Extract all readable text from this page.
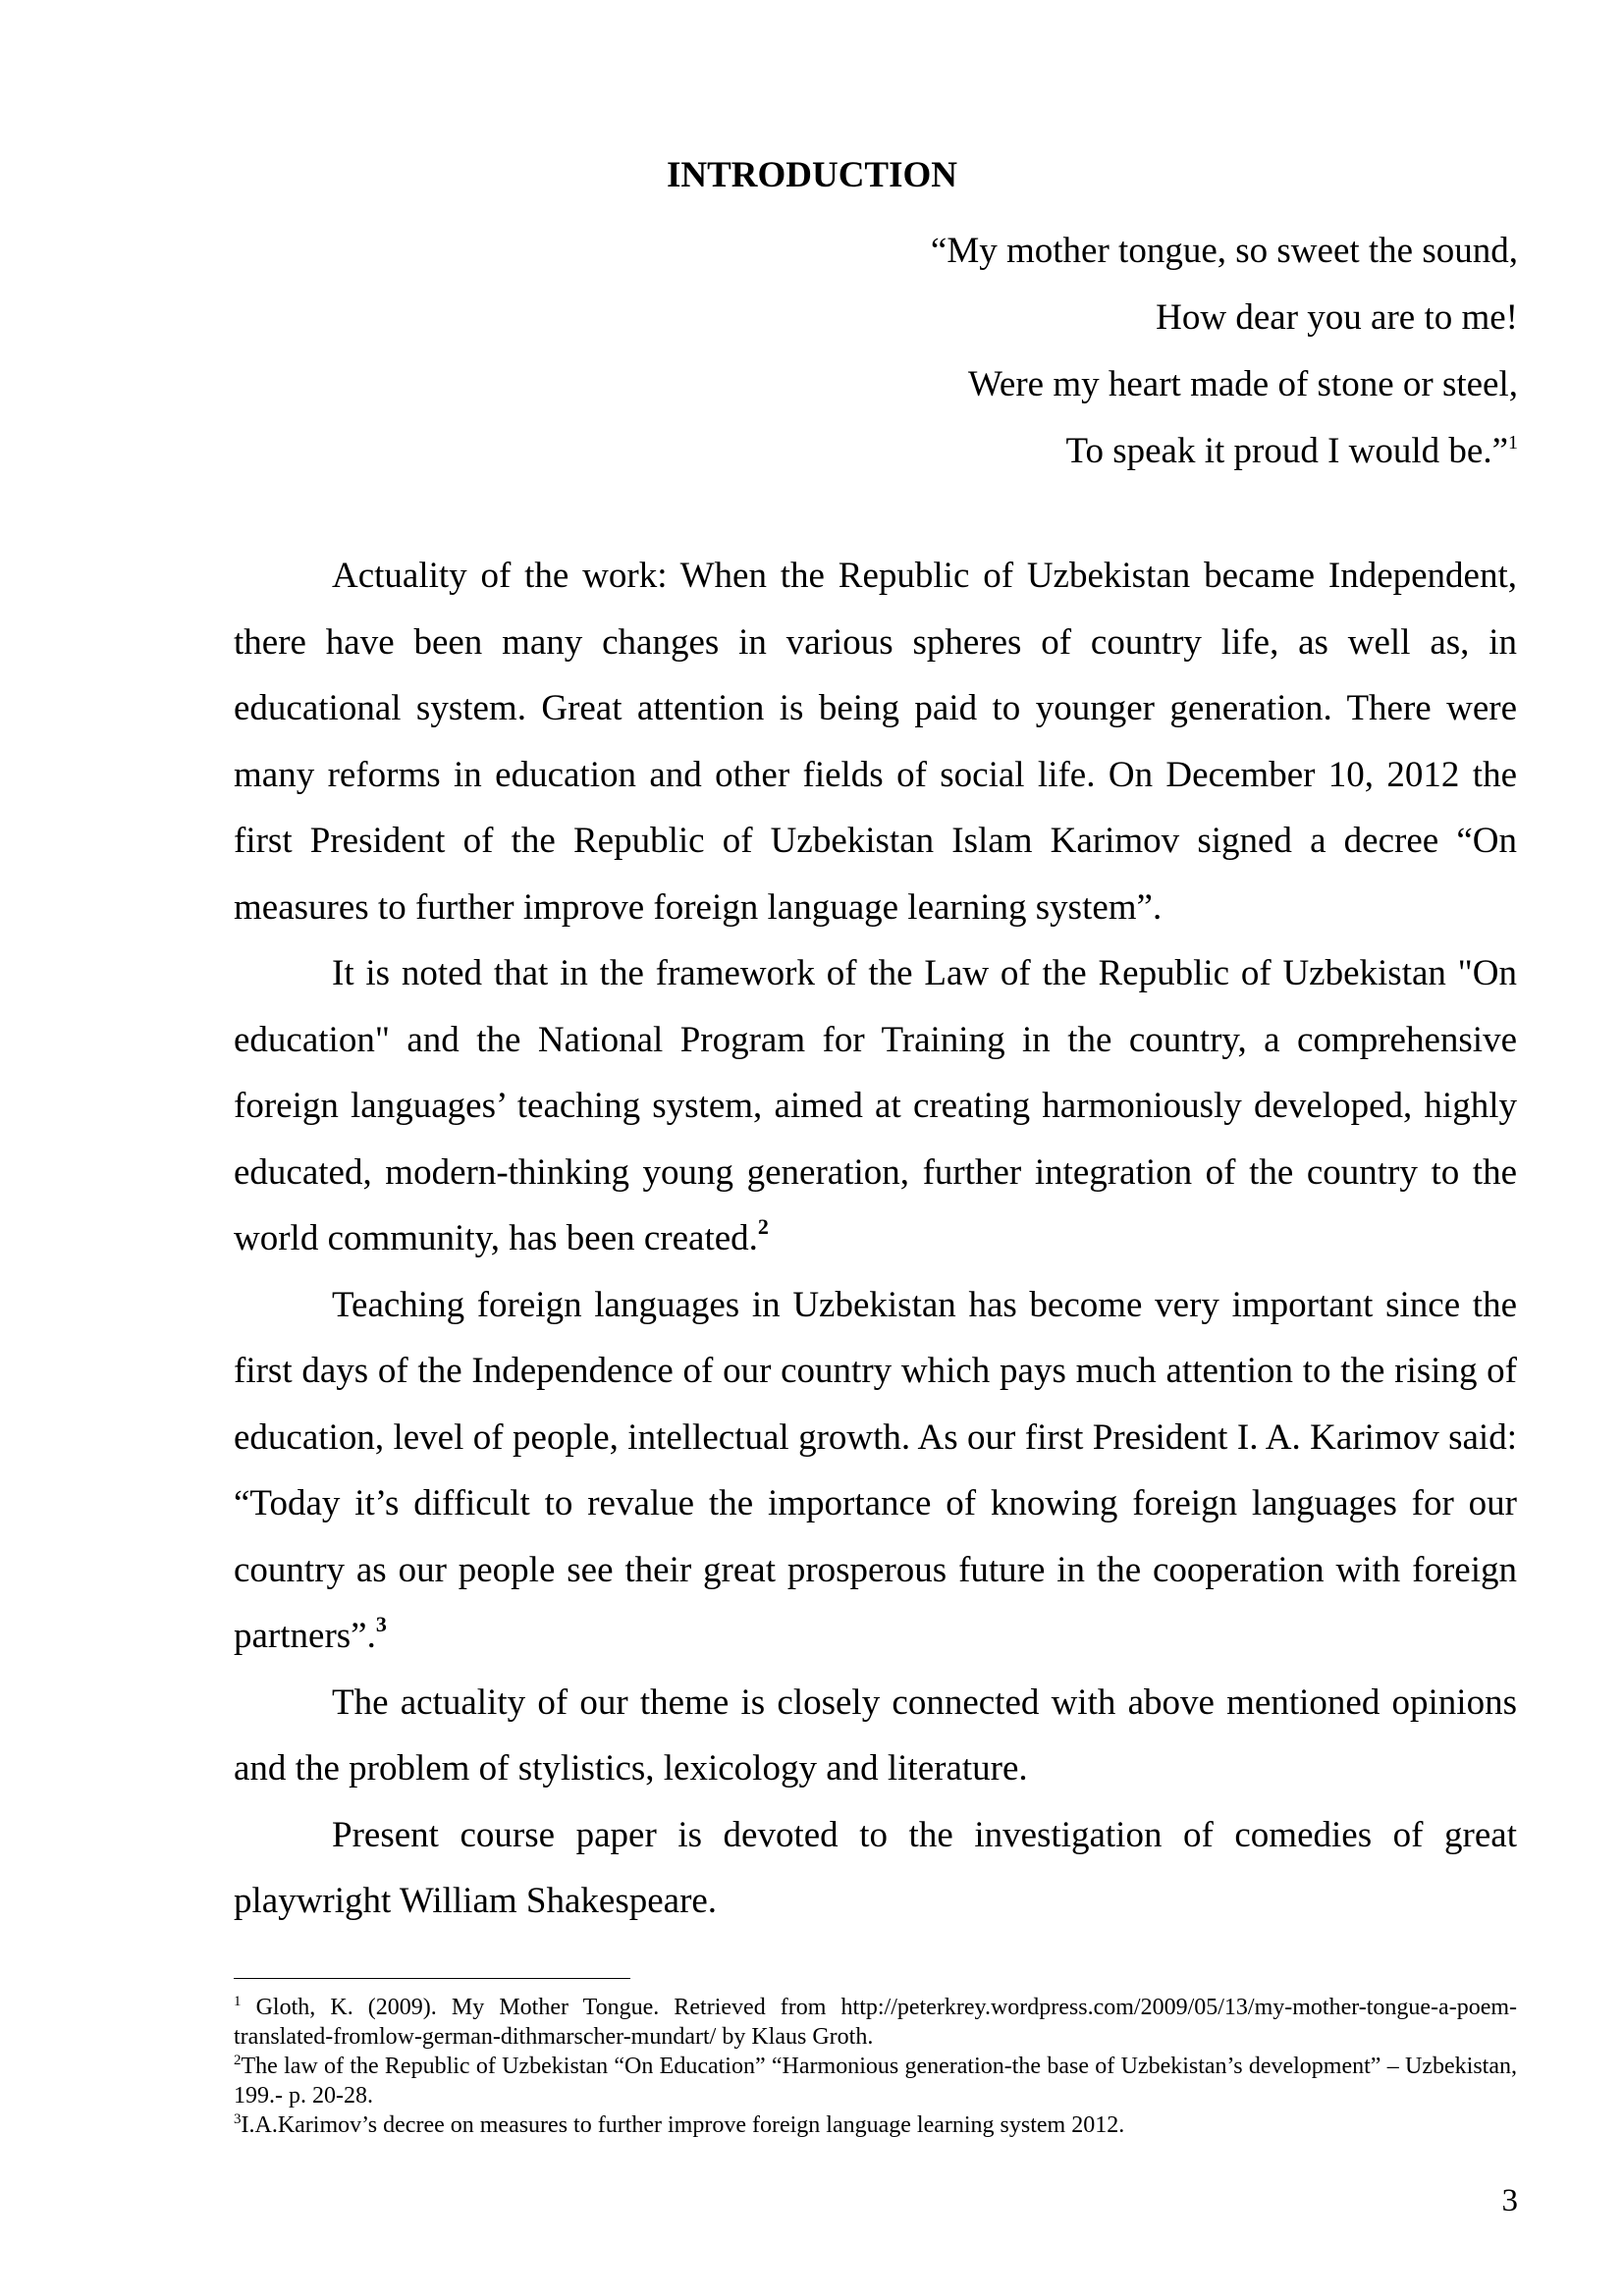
INTRODUCTION
“My mother tongue, so sweet the sound,
How dear you are to me!
Were my heart made of stone or steel,
To speak it proud I would be.”$^1$

Actuality of the work: When the Republic of Uzbekistan became Independent, there have been many changes in various spheres of country life, as well as, in educational system. Great attention is being paid to younger generation. There were many reforms in education and other fields of social life. On December 10, 2012 the first President of the Republic of Uzbekistan Islam Karimov signed a decree “On measures to further improve foreign language learning system”.

It is noted that in the framework of the Law of the Republic of Uzbekistan "On education" and the National Program for Training in the country, a comprehensive foreign languages’ teaching system, aimed at creating harmoniously developed, highly educated, modern-thinking young generation, further integration of the country to the world community, has been created.$^2$

Teaching foreign languages in Uzbekistan has become very important since the first days of the Independence of our country which pays much attention to the rising of education, level of people, intellectual growth. As our first President I. A. Karimov said: “Today it’s difficult to revalue the importance of knowing foreign languages for our country as our people see their great prosperous future in the cooperation with foreign partners”.$^3$

The actuality of our theme is closely connected with above mentioned opinions and the problem of stylistics, lexicology and literature.

Present course paper is devoted to the investigation of comedies of great playwright William Shakespeare.

$^1$ Gloth, K. (2009). My Mother Tongue. Retrieved from http://peterkrey.wordpress.com/2009/05/13/my-mother-tongue-a-poem-translated-fromlow-german-dithmarscher-mundart/ by Klaus Groth.

$^2$The law of the Republic of Uzbekistan “On Education” “Harmonious generation-the base of Uzbekistan’s development” – Uzbekistan, 199.- p. 20-28.

$^3$I.A.Karimov’s decree on measures to further improve foreign language learning system 2012.

3
